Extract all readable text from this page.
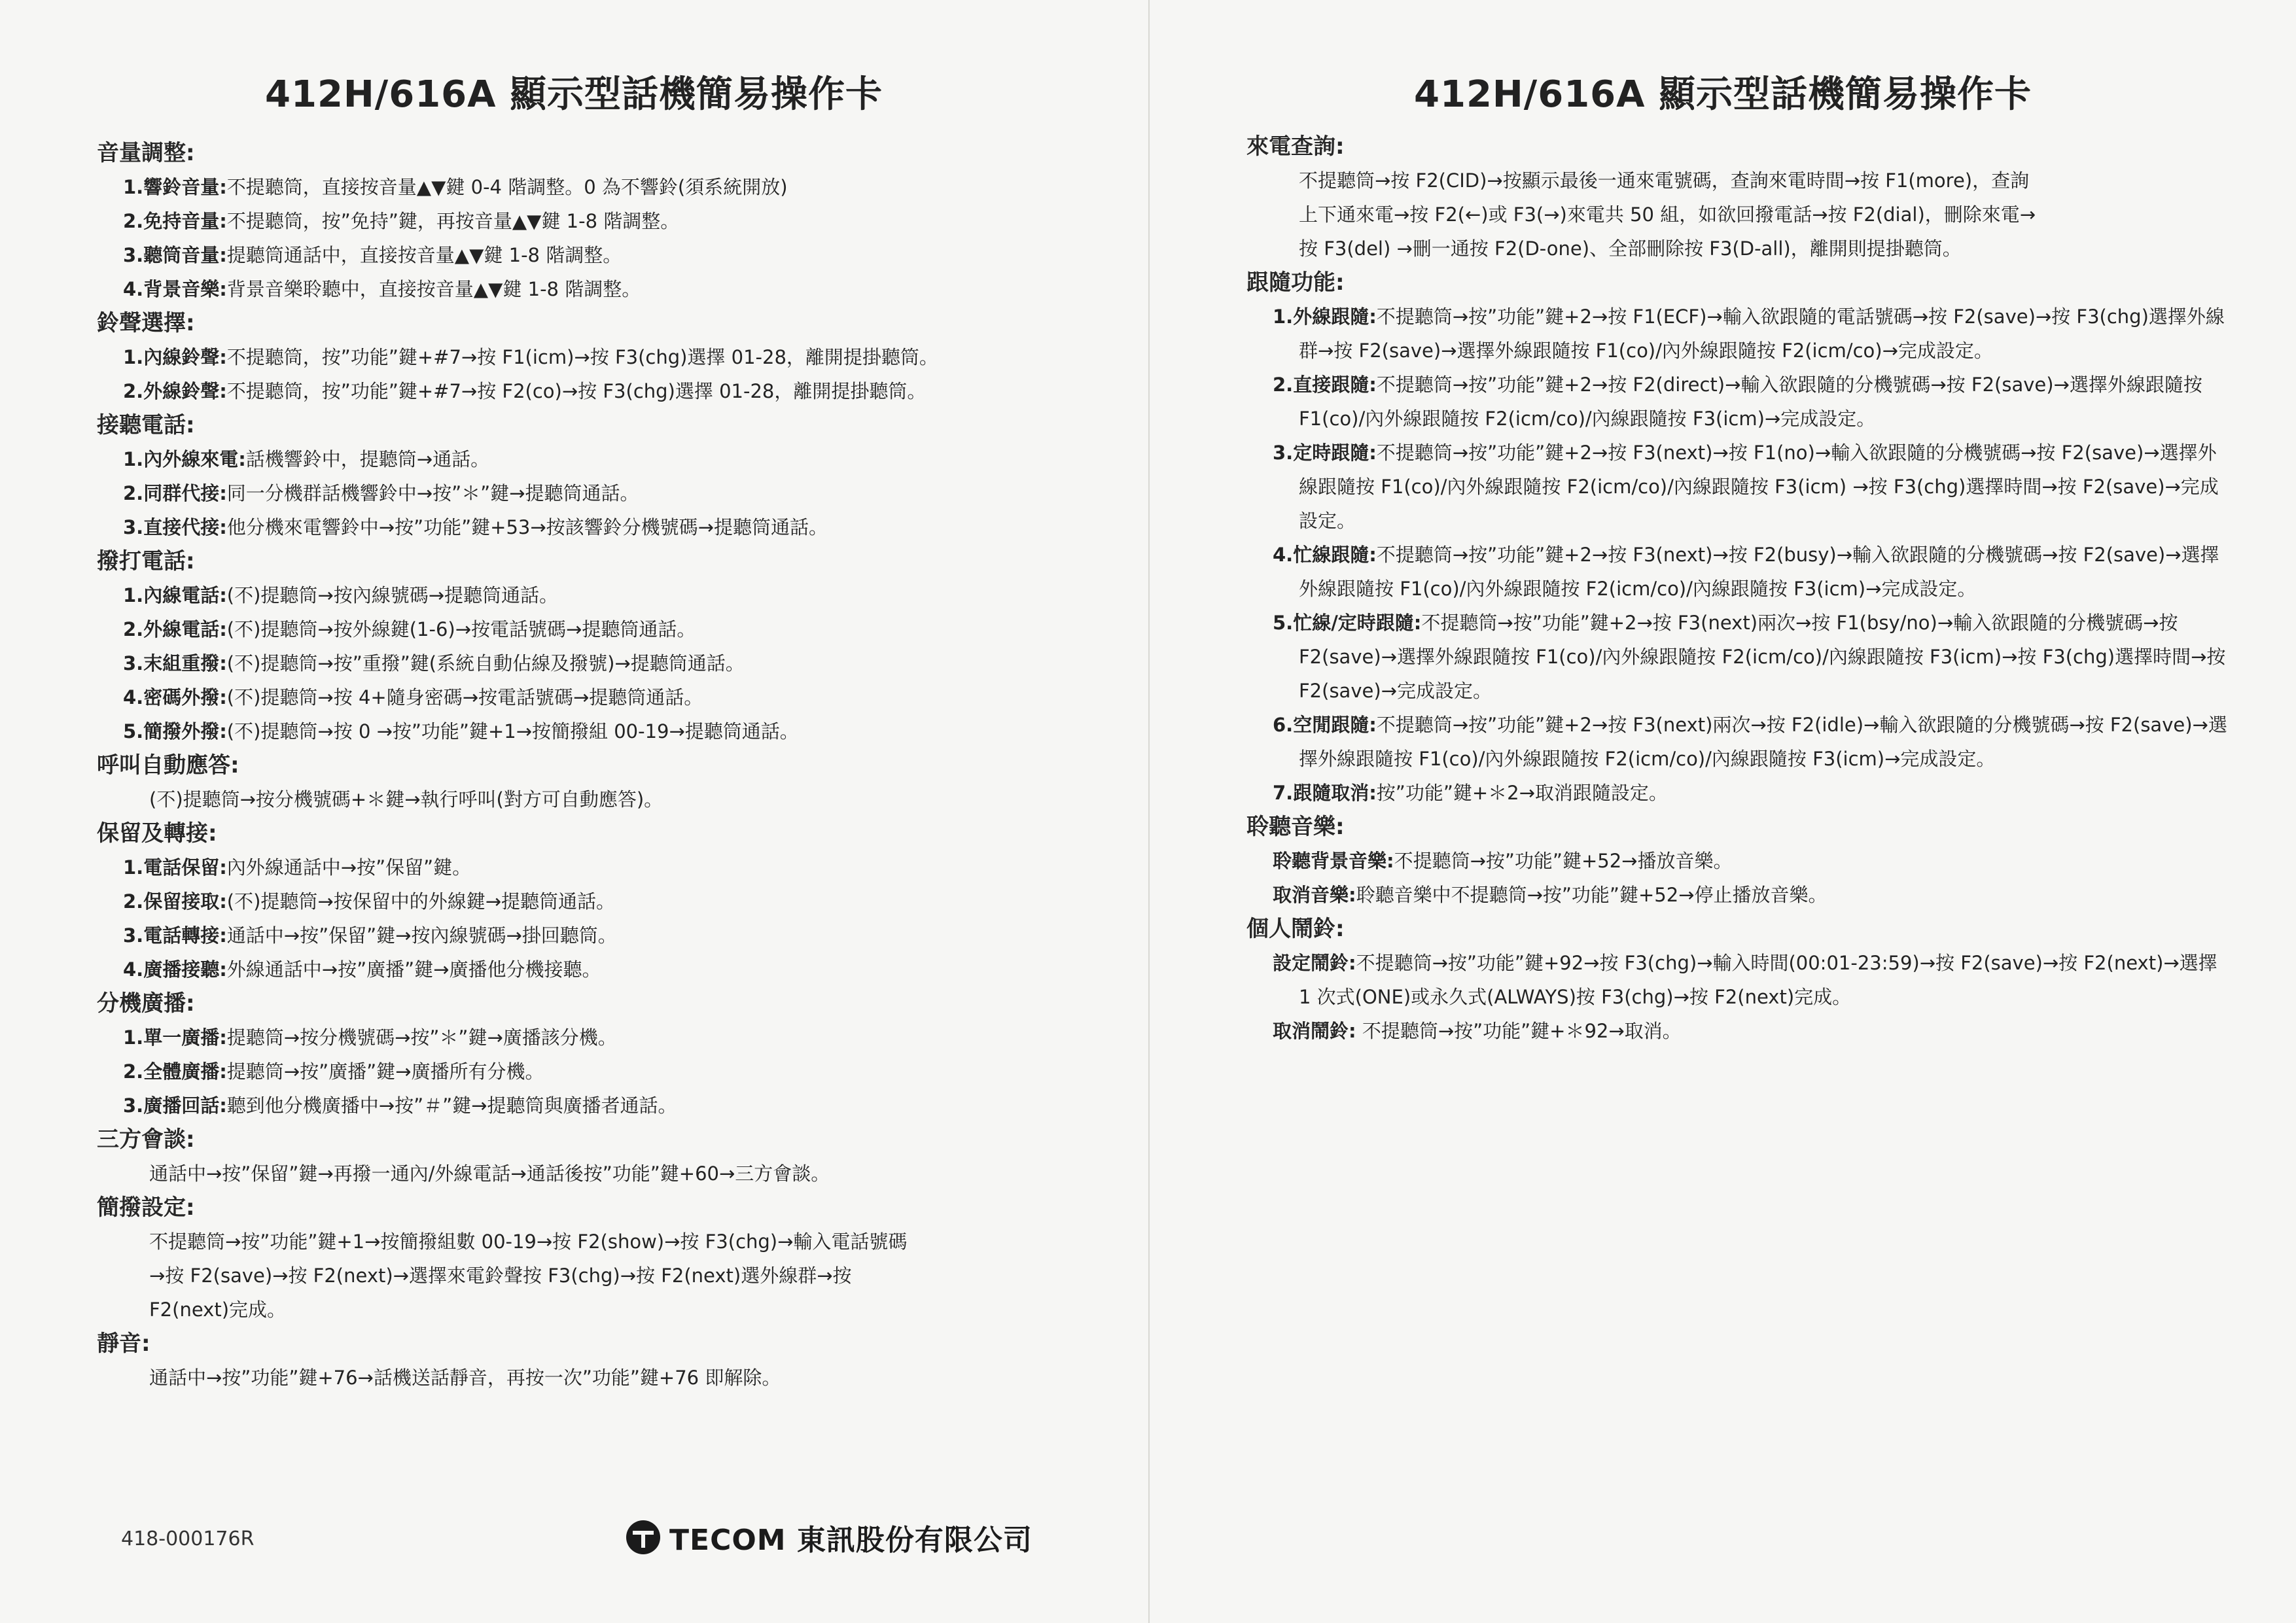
412H/616A 顯示型話機簡易操作卡
音量調整:
1.響鈴音量:不提聽筒，直接按音量▲▼鍵 0-4 階調整。0 為不響鈴(須系統開放)
2.免持音量:不提聽筒，按”免持”鍵，再按音量▲▼鍵 1-8 階調整。
3.聽筒音量:提聽筒通話中，直接按音量▲▼鍵 1-8 階調整。
4.背景音樂:背景音樂聆聽中，直接按音量▲▼鍵 1-8 階調整。
鈴聲選擇:
1.內線鈴聲:不提聽筒，按”功能”鍵+#7→按 F1(icm)→按 F3(chg)選擇 01-28，離開提掛聽筒。
2.外線鈴聲:不提聽筒，按”功能”鍵+#7→按 F2(co)→按 F3(chg)選擇 01-28，離開提掛聽筒。
接聽電話:
1.內外線來電:話機響鈴中，提聽筒→通話。
2.同群代接:同一分機群話機響鈴中→按”＊”鍵→提聽筒通話。
3.直接代接:他分機來電響鈴中→按”功能”鍵+53→按該響鈴分機號碼→提聽筒通話。
撥打電話:
1.內線電話:(不)提聽筒→按內線號碼→提聽筒通話。
2.外線電話:(不)提聽筒→按外線鍵(1-6)→按電話號碼→提聽筒通話。
3.末組重撥:(不)提聽筒→按”重撥”鍵(系統自動佔線及撥號)→提聽筒通話。
4.密碼外撥:(不)提聽筒→按 4+隨身密碼→按電話號碼→提聽筒通話。
5.簡撥外撥:(不)提聽筒→按 0 →按”功能”鍵+1→按簡撥組 00-19→提聽筒通話。
呼叫自動應答:
(不)提聽筒→按分機號碼+＊鍵→執行呼叫(對方可自動應答)。
保留及轉接:
1.電話保留:內外線通話中→按”保留”鍵。
2.保留接取:(不)提聽筒→按保留中的外線鍵→提聽筒通話。
3.電話轉接:通話中→按”保留”鍵→按內線號碼→掛回聽筒。
4.廣播接聽:外線通話中→按”廣播”鍵→廣播他分機接聽。
分機廣播:
1.單一廣播:提聽筒→按分機號碼→按”＊”鍵→廣播該分機。
2.全體廣播:提聽筒→按”廣播”鍵→廣播所有分機。
3.廣播回話:聽到他分機廣播中→按”＃”鍵→提聽筒與廣播者通話。
三方會談:
通話中→按”保留”鍵→再撥一通內/外線電話→通話後按”功能”鍵+60→三方會談。
簡撥設定:
不提聽筒→按”功能”鍵+1→按簡撥組數 00-19→按 F2(show)→按 F3(chg)→輸入電話號碼
→按 F2(save)→按 F2(next)→選擇來電鈴聲按 F3(chg)→按 F2(next)選外線群→按
F2(next)完成。
靜音:
通話中→按”功能”鍵+76→話機送話靜音，再按一次”功能”鍵+76 即解除。
418-000176R	TECOM 東訊股份有限公司
412H/616A 顯示型話機簡易操作卡
來電查詢:
不提聽筒→按 F2(CID)→按顯示最後一通來電號碼，查詢來電時間→按 F1(more)，查詢
上下通來電→按 F2(←)或 F3(→)來電共 50 組，如欲回撥電話→按 F2(dial)，刪除來電→
按 F3(del) →刪一通按 F2(D-one)、全部刪除按 F3(D-all)，離開則提掛聽筒。
跟隨功能:
1.外線跟隨:不提聽筒→按”功能”鍵+2→按 F1(ECF)→輸入欲跟隨的電話號碼→按 F2(save)→按 F3(chg)選擇外線群→按 F2(save)→選擇外線跟隨按 F1(co)/內外線跟隨按 F2(icm/co)→完成設定。
2.直接跟隨:不提聽筒→按”功能”鍵+2→按 F2(direct)→輸入欲跟隨的分機號碼→按 F2(save)→選擇外線跟隨按 F1(co)/內外線跟隨按 F2(icm/co)/內線跟隨按 F3(icm)→完成設定。
3.定時跟隨:不提聽筒→按”功能”鍵+2→按 F3(next)→按 F1(no)→輸入欲跟隨的分機號碼→按 F2(save)→選擇外線跟隨按 F1(co)/內外線跟隨按 F2(icm/co)/內線跟隨按 F3(icm) →按 F3(chg)選擇時間→按 F2(save)→完成設定。
4.忙線跟隨:不提聽筒→按”功能”鍵+2→按 F3(next)→按 F2(busy)→輸入欲跟隨的分機號碼→按 F2(save)→選擇外線跟隨按 F1(co)/內外線跟隨按 F2(icm/co)/內線跟隨按 F3(icm)→完成設定。
5.忙線/定時跟隨:不提聽筒→按”功能”鍵+2→按 F3(next)兩次→按 F1(bsy/no)→輸入欲跟隨的分機號碼→按 F2(save)→選擇外線跟隨按 F1(co)/內外線跟隨按 F2(icm/co)/內線跟隨按 F3(icm)→按 F3(chg)選擇時間→按 F2(save)→完成設定。
6.空閒跟隨:不提聽筒→按”功能”鍵+2→按 F3(next)兩次→按 F2(idle)→輸入欲跟隨的分機號碼→按 F2(save)→選擇外線跟隨按 F1(co)/內外線跟隨按 F2(icm/co)/內線跟隨按 F3(icm)→完成設定。
7.跟隨取消:按”功能”鍵+＊2→取消跟隨設定。
聆聽音樂:
聆聽背景音樂:不提聽筒→按”功能”鍵+52→播放音樂。
取消音樂:聆聽音樂中不提聽筒→按”功能”鍵+52→停止播放音樂。
個人鬧鈴:
設定鬧鈴:不提聽筒→按”功能”鍵+92→按 F3(chg)→輸入時間(00:01-23:59)→按 F2(save)→按 F2(next)→選擇 1 次式(ONE)或永久式(ALWAYS)按 F3(chg)→按 F2(next)完成。
取消鬧鈴: 不提聽筒→按”功能”鍵+＊92→取消。
